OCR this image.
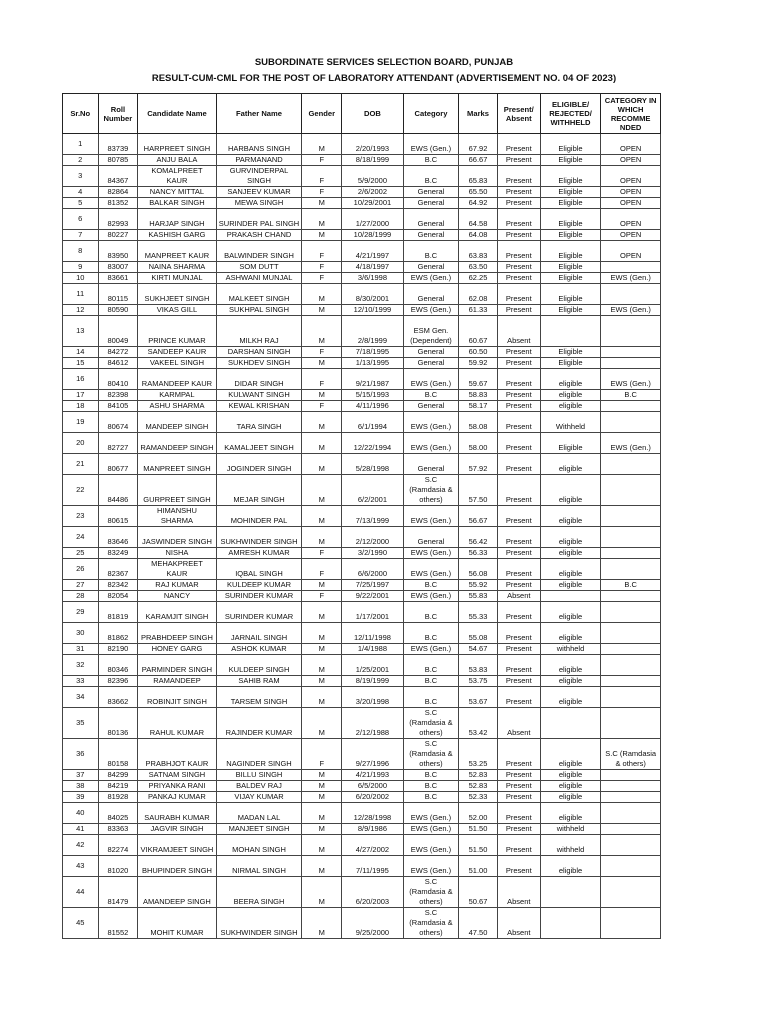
SUBORDINATE SERVICES SELECTION BOARD, PUNJAB
RESULT-CUM-CML FOR THE POST OF LABORATORY ATTENDANT (ADVERTISEMENT NO. 04 OF 2023)
Sr.No	Roll Number	Candidate Name	Father Name	Gender	DOB	Category	Marks	Present/ Absent	ELIGIBLE/ REJECTED/ WITHHELD	CATEGORY IN WHICH RECOMME NDED
1	83739	HARPREET SINGH	HARBANS SINGH	M	2/20/1993	EWS (Gen.)	67.92	Present	Eligible	OPEN
2	80785	ANJU BALA	PARMANAND	F	8/18/1999	B.C	66.67	Present	Eligible	OPEN
3	84367	KOMALPREET KAUR	GURVINDERPAL SINGH	F	5/9/2000	B.C	65.83	Present	Eligible	OPEN
4	82864	NANCY MITTAL	SANJEEV KUMAR	F	2/6/2002	General	65.50	Present	Eligible	OPEN
5	81352	BALKAR SINGH	MEWA SINGH	M	10/29/2001	General	64.92	Present	Eligible	OPEN
6	82993	HARJAP SINGH	SURINDER PAL SINGH	M	1/27/2000	General	64.58	Present	Eligible	OPEN
7	80227	KASHISH GARG	PRAKASH CHAND	M	10/28/1999	General	64.08	Present	Eligible	OPEN
8	83950	MANPREET KAUR	BALWINDER SINGH	F	4/21/1997	B.C	63.83	Present	Eligible	OPEN
9	83007	NAINA SHARMA	SOM DUTT	F	4/18/1997	General	63.50	Present	Eligible	
10	83661	KIRTI MUNJAL	ASHWANI MUNJAL	F	3/6/1998	EWS (Gen.)	62.25	Present	Eligible	EWS (Gen.)
11	80115	SUKHJEET SINGH	MALKEET SINGH	M	8/30/2001	General	62.08	Present	Eligible	
12	80590	VIKAS GILL	SUKHPAL SINGH	M	12/10/1999	EWS (Gen.)	61.33	Present	Eligible	EWS (Gen.)
13	80049	PRINCE KUMAR	MILKH RAJ	M	2/8/1999	ESM Gen. (Dependent)	60.67	Absent		
14	84272	SANDEEP KAUR	DARSHAN SINGH	F	7/18/1995	General	60.50	Present	Eligible	
15	84612	VAKEEL SINGH	SUKHDEV SINGH	M	1/13/1995	General	59.92	Present	Eligible	
16	80410	RAMANDEEP KAUR	DIDAR SINGH	F	9/21/1987	EWS (Gen.)	59.67	Present	eligible	EWS (Gen.)
17	82398	KARMPAL	KULWANT SINGH	M	5/15/1993	B.C	58.83	Present	eligible	B.C
18	84105	ASHU SHARMA	KEWAL KRISHAN	F	4/11/1996	General	58.17	Present	eligible	
19	80674	MANDEEP SINGH	TARA SINGH	M	6/1/1994	EWS (Gen.)	58.08	Present	Withheld	
20	82727	RAMANDEEP SINGH	KAMALJEET SINGH	M	12/22/1994	EWS (Gen.)	58.00	Present	Eligible	EWS (Gen.)
21	80677	MANPREET SINGH	JOGINDER SINGH	M	5/28/1998	General	57.92	Present	eligible	
22	84486	GURPREET SINGH	MEJAR SINGH	M	6/2/2001	S.C (Ramdasia & others)	57.50	Present	eligible	
23	80615	HIMANSHU SHARMA	MOHINDER PAL	M	7/13/1999	EWS (Gen.)	56.67	Present	eligible	
24	83646	JASWINDER SINGH	SUKHWINDER SINGH	M	2/12/2000	General	56.42	Present	eligible	
25	83249	NISHA	AMRESH KUMAR	F	3/2/1990	EWS (Gen.)	56.33	Present	eligible	
26	82367	MEHAKPREET KAUR	IQBAL SINGH	F	6/6/2000	EWS (Gen.)	56.08	Present	eligible	
27	82342	RAJ KUMAR	KULDEEP KUMAR	M	7/25/1997	B.C	55.92	Present	eligible	B.C
28	82054	NANCY	SURINDER KUMAR	F	9/22/2001	EWS (Gen.)	55.83	Absent		
29	81819	KARAMJIT SINGH	SURINDER KUMAR	M	1/17/2001	B.C	55.33	Present	eligible	
30	81862	PRABHDEEP SINGH	JARNAIL SINGH	M	12/11/1998	B.C	55.08	Present	eligible	
31	82190	HONEY GARG	ASHOK KUMAR	M	1/4/1988	EWS (Gen.)	54.67	Present	withheld	
32	80346	PARMINDER SINGH	KULDEEP SINGH	M	1/25/2001	B.C	53.83	Present	eligible	
33	82396	RAMANDEEP	SAHIB RAM	M	8/19/1999	B.C	53.75	Present	eligible	
34	83662	ROBINJIT SINGH	TARSEM SINGH	M	3/20/1998	B.C	53.67	Present	eligible	
35	80136	RAHUL KUMAR	RAJINDER KUMAR	M	2/12/1988	S.C (Ramdasia & others)	53.42	Absent		
36	80158	PRABHJOT KAUR	NAGINDER SINGH	F	9/27/1996	S.C (Ramdasia & others)	53.25	Present	eligible	S.C (Ramdasia & others)
37	84299	SATNAM SINGH	BILLU SINGH	M	4/21/1993	B.C	52.83	Present	eligible	
38	84219	PRIYANKA RANI	BALDEV RAJ	M	6/5/2000	B.C	52.83	Present	eligible	
39	81928	PANKAJ KUMAR	VIJAY KUMAR	M	6/20/2002	B.C	52.33	Present	eligible	
40	84025	SAURABH KUMAR	MADAN LAL	M	12/28/1998	EWS (Gen.)	52.00	Present	eligible	
41	83363	JAGVIR SINGH	MANJEET SINGH	M	8/9/1986	EWS (Gen.)	51.50	Present	withheld	
42	82274	VIKRAMJEET SINGH	MOHAN SINGH	M	4/27/2002	EWS (Gen.)	51.50	Present	withheld	
43	81020	BHUPINDER SINGH	NIRMAL SINGH	M	7/11/1995	EWS (Gen.)	51.00	Present	eligible	
44	81479	AMANDEEP SINGH	BEERA SINGH	M	6/20/2003	S.C (Ramdasia & others)	50.67	Absent		
45	81552	MOHIT KUMAR	SUKHWINDER SINGH	M	9/25/2000	S.C (Ramdasia & others)	47.50	Absent		
